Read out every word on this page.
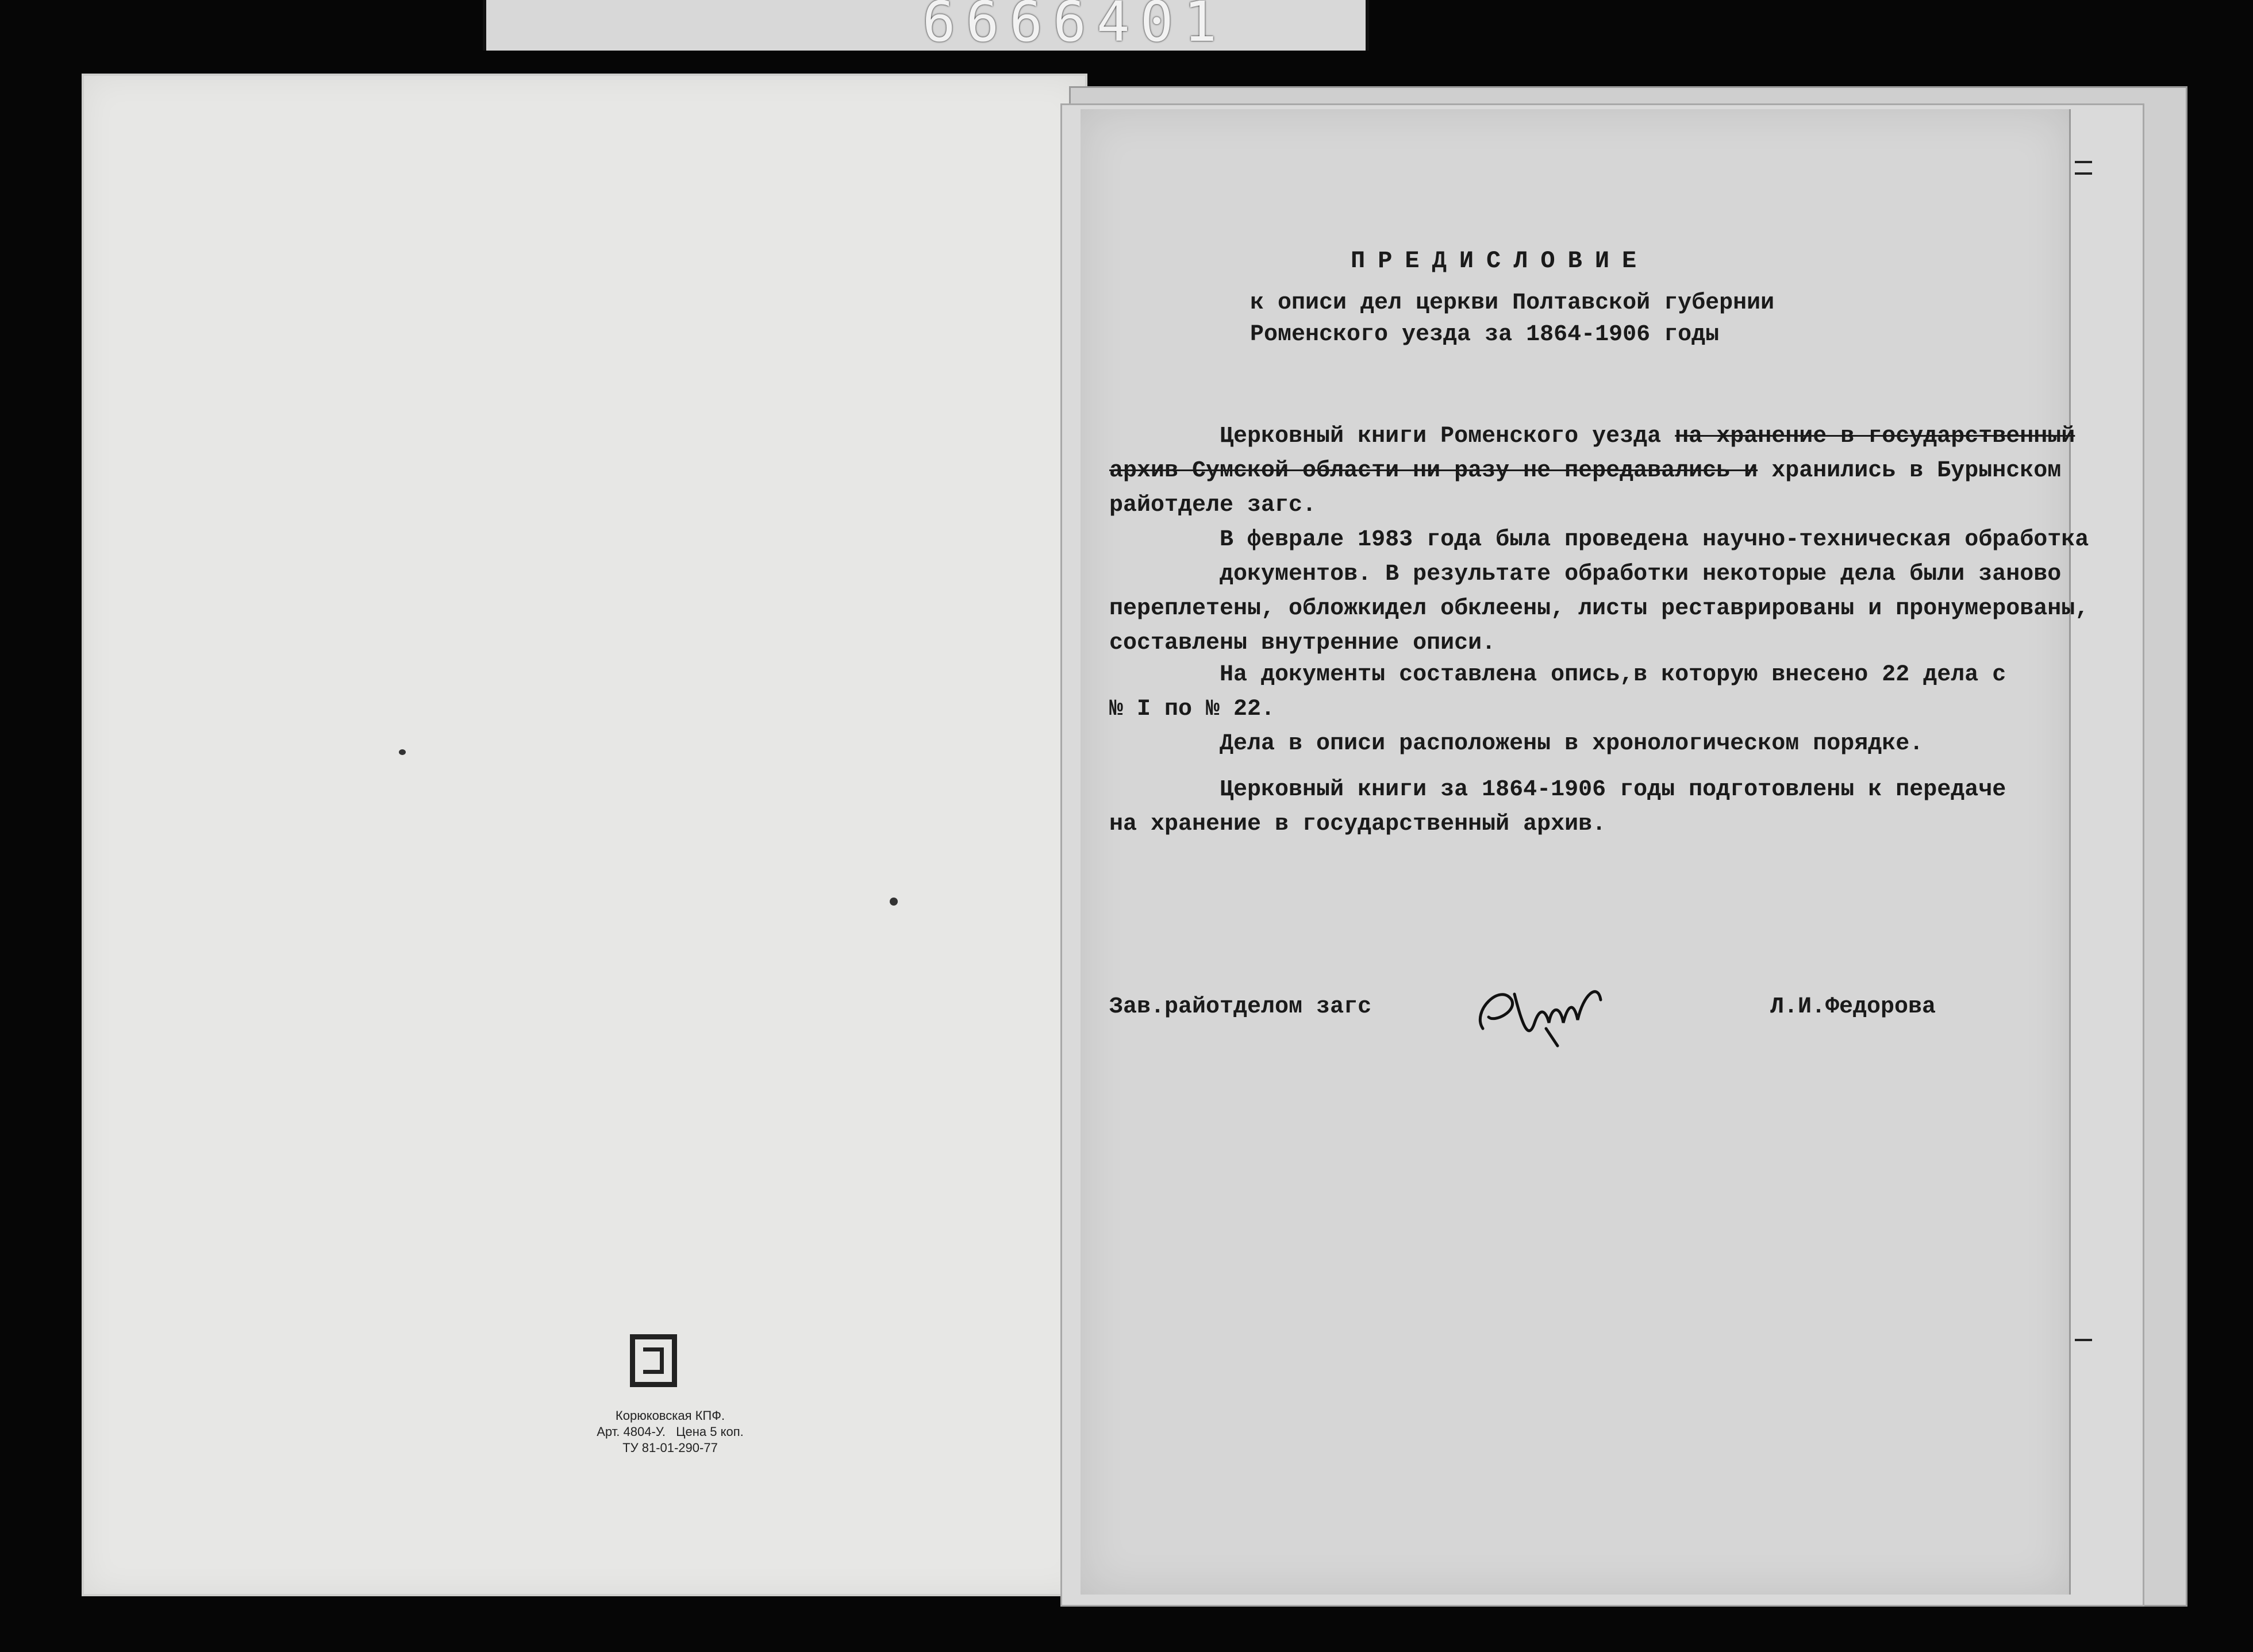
6666401
Корюковская КПФ.
Арт. 4804-У.   Цена 5 коп.
ТУ 81-01-290-77
ПРЕДИСЛОВИЕ
к описи дел церкви Полтавской губернии
Роменского уезда за 1864-1906 годы
Церковный книги Роменского уезда на хранение в государственный
архив Сумской области ни разу не передавались и хранились в Бурынском
райотделе загс.
В феврале 1983 года была проведена научно-техническая обработка
документов. В результате обработки некоторые дела были заново
переплетены, обложкидел обклеены, листы реставрированы и пронумерованы,
составлены внутренние описи.
На документы составлена опись,в которую внесено 22 дела с
№ I по № 22.
Дела в описи расположены в хронологическом порядке.
Церковный книги за 1864-1906 годы подготовлены к передаче
на хранение в государственный архив.
Зав.райотделом загс	Л.И.Федорова
